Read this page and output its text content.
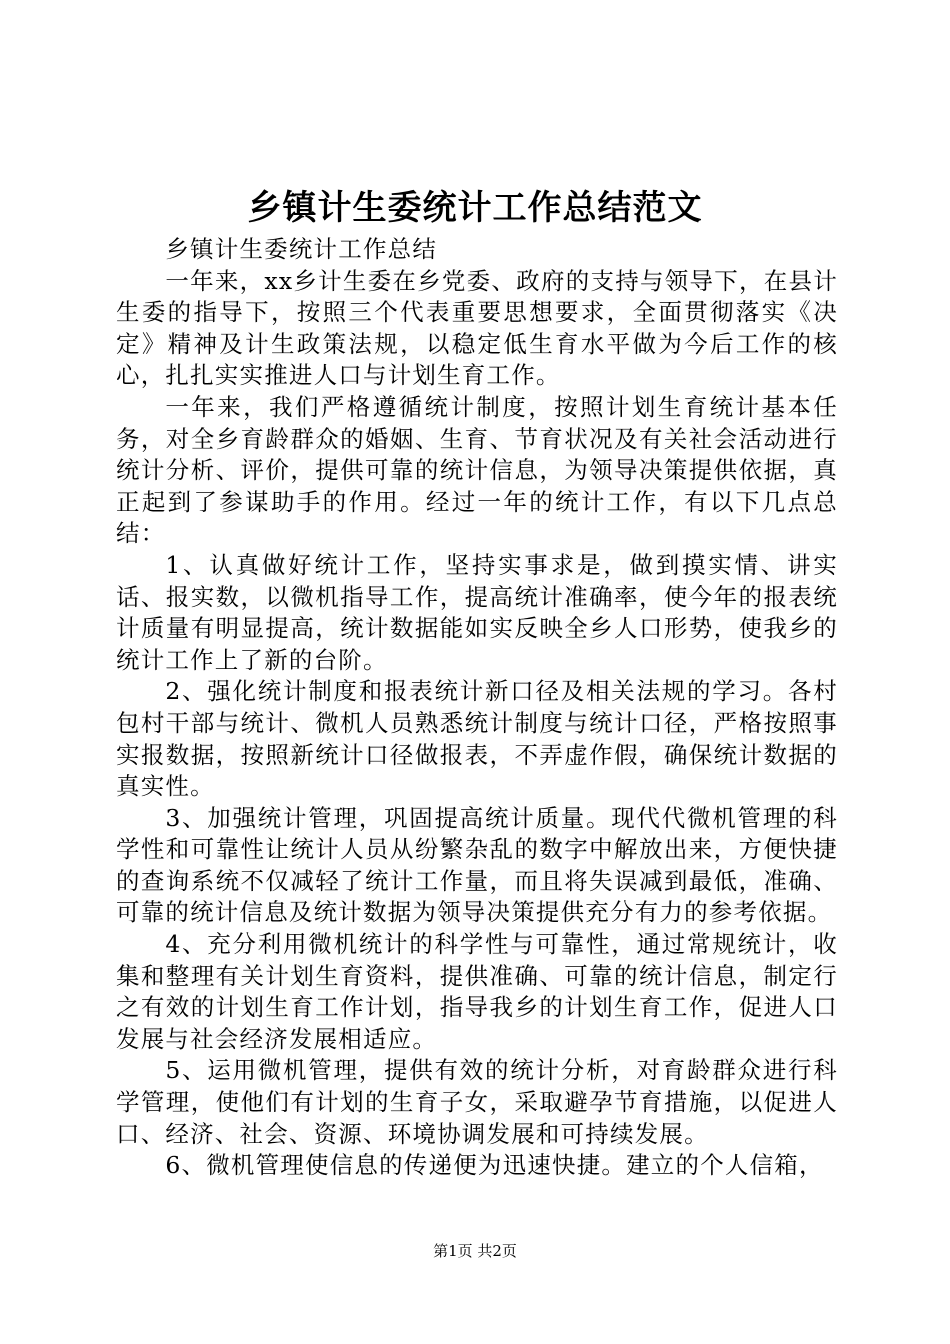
乡镇计生委统计工作总结范文

乡镇计生委统计工作总结

一年来，xx乡计生委在乡党委、政府的支持与领导下，在县计生委的指导下，按照三个代表重要思想要求，全面贯彻落实《决定》精神及计生政策法规，以稳定低生育水平做为今后工作的核心，扎扎实实推进人口与计划生育工作。

一年来，我们严格遵循统计制度，按照计划生育统计基本任务，对全乡育龄群众的婚姻、生育、节育状况及有关社会活动进行统计分析、评价，提供可靠的统计信息，为领导决策提供依据，真正起到了参谋助手的作用。经过一年的统计工作，有以下几点总结：

1、认真做好统计工作，坚持实事求是，做到摸实情、讲实话、报实数，以微机指导工作，提高统计准确率，使今年的报表统计质量有明显提高，统计数据能如实反映全乡人口形势，使我乡的统计工作上了新的台阶。

2、强化统计制度和报表统计新口径及相关法规的学习。各村包村干部与统计、微机人员熟悉统计制度与统计口径，严格按照事实报数据，按照新统计口径做报表，不弄虚作假，确保统计数据的真实性。

3、加强统计管理，巩固提高统计质量。现代代微机管理的科学性和可靠性让统计人员从纷繁杂乱的数字中解放出来，方便快捷的查询系统不仅减轻了统计工作量，而且将失误减到最低，准确、可靠的统计信息及统计数据为领导决策提供充分有力的参考依据。

4、充分利用微机统计的科学性与可靠性，通过常规统计，收集和整理有关计划生育资料，提供准确、可靠的统计信息，制定行之有效的计划生育工作计划，指导我乡的计划生育工作，促进人口发展与社会经济发展相适应。

5、运用微机管理，提供有效的统计分析，对育龄群众进行科学管理，使他们有计划的生育子女，采取避孕节育措施，以促进人口、经济、社会、资源、环境协调发展和可持续发展。

6、微机管理使信息的传递便为迅速快捷。建立的个人信箱，

第1页 共2页
